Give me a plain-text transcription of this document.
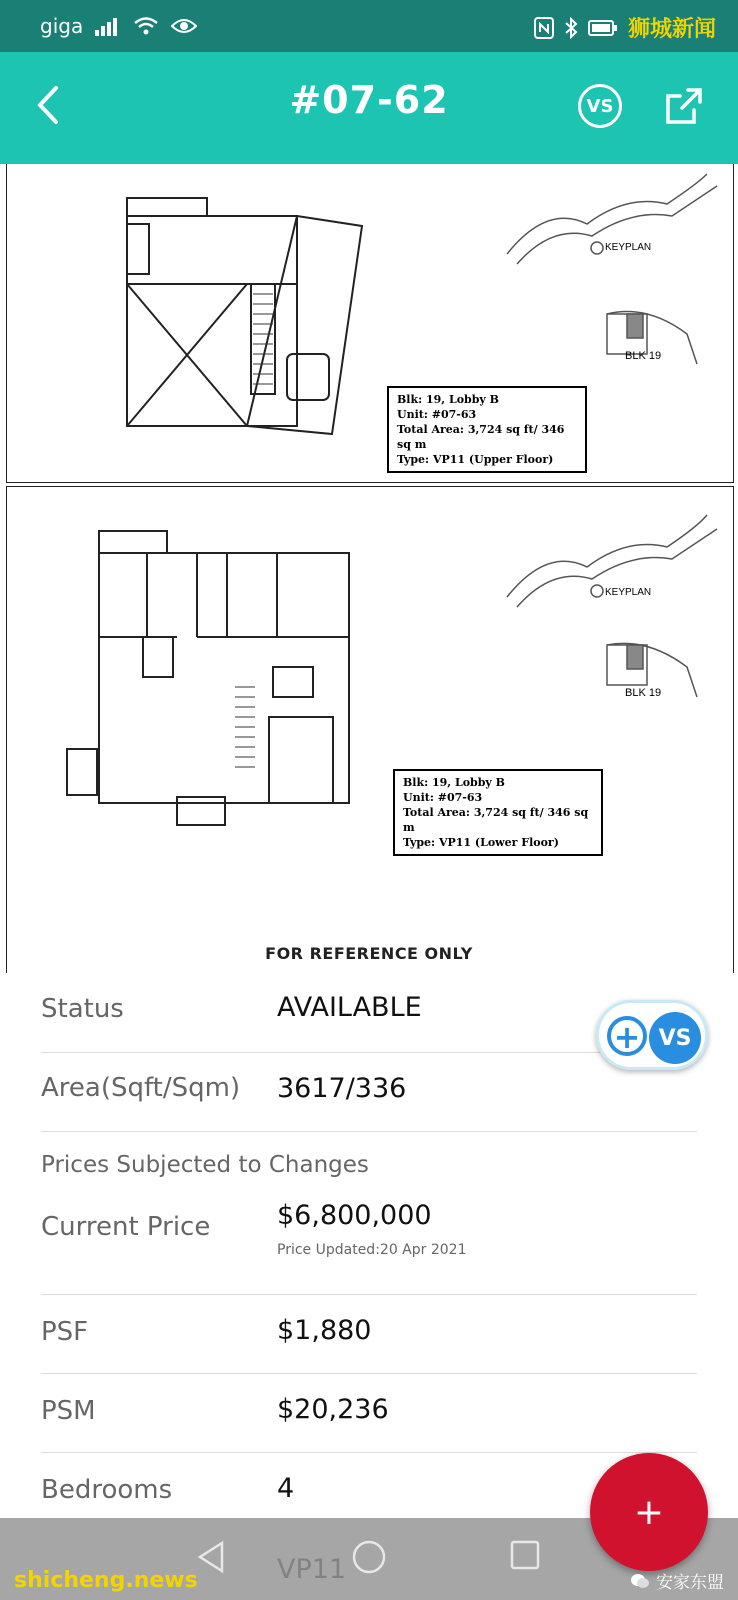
giga	狮城新闻
#07-62	VS
Blk: 19, Lobby B
Unit: #07-63
Total Area: 3,724 sq ft/ 346 sq m
Type: VP11 (Upper Floor)
KEYPLAN
BLK 19
Blk: 19, Lobby B
Unit: #07-63
Total Area: 3,724 sq ft/ 346 sq m
Type: VP11 (Lower Floor)
KEYPLAN
BLK 19
FOR REFERENCE ONLY
Status	AVAILABLE
Area(Sqft/Sqm) 3617/336
Prices Subjected to Changes
Current Price $6,800,000
Price Updated:20 Apr 2021
PSF	$1,880
PSM	$20,236
Bedrooms	4
+ VS
+
shicheng.news	安家东盟
